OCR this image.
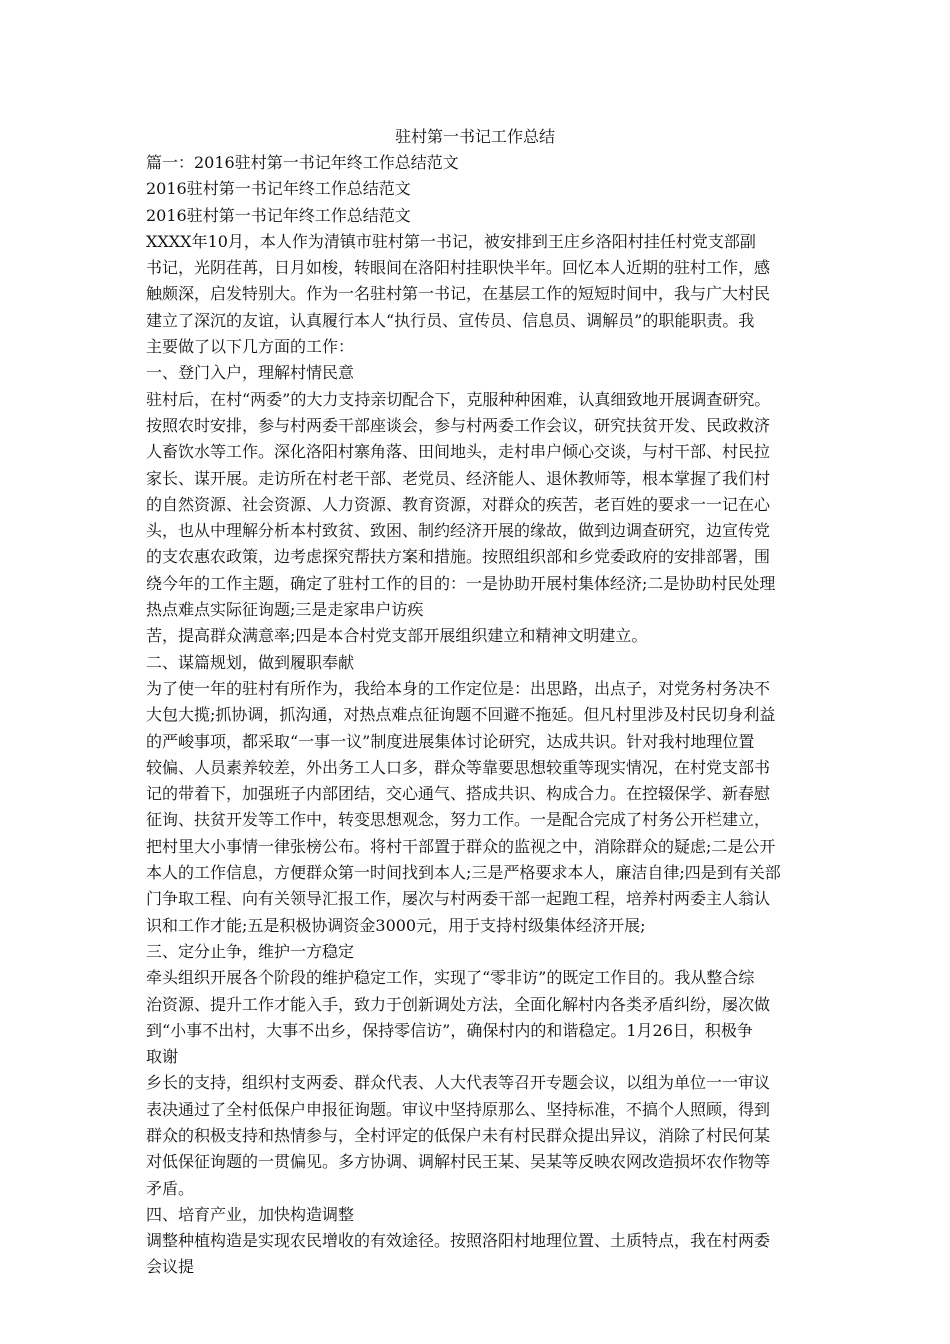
驻村第一书记工作总结
篇一：2016驻村第一书记年终工作总结范文
2016驻村第一书记年终工作总结范文
2016驻村第一书记年终工作总结范文
XXXX年10月，本人作为清镇市驻村第一书记，被安排到王庄乡洛阳村挂任村党支部副
书记，光阴荏苒，日月如梭，转眼间在洛阳村挂职快半年。回忆本人近期的驻村工作，感
触颇深，启发特别大。作为一名驻村第一书记，在基层工作的短短时间中，我与广大村民
建立了深沉的友谊，认真履行本人“执行员、宣传员、信息员、调解员”的职能职责。我
主要做了以下几方面的工作：
一、登门入户，理解村情民意
驻村后，在村“两委”的大力支持亲切配合下，克服种种困难，认真细致地开展调查研究。
按照农时安排，参与村两委干部座谈会，参与村两委工作会议，研究扶贫开发、民政救济
人畜饮水等工作。深化洛阳村寨角落、田间地头，走村串户倾心交谈，与村干部、村民拉
家长、谋开展。走访所在村老干部、老党员、经济能人、退休教师等，根本掌握了我们村
的自然资源、社会资源、人力资源、教育资源，对群众的疾苦，老百姓的要求一一记在心
头，也从中理解分析本村致贫、致困、制约经济开展的缘故，做到边调查研究，边宣传党
的支农惠农政策，边考虑探究帮扶方案和措施。按照组织部和乡党委政府的安排部署，围
绕今年的工作主题，确定了驻村工作的目的：一是协助开展村集体经济;二是协助村民处理
热点难点实际征询题;三是走家串户访疾
苦，提高群众满意率;四是本合村党支部开展组织建立和精神文明建立。
二、谋篇规划，做到履职奉献
为了使一年的驻村有所作为，我给本身的工作定位是：出思路，出点子，对党务村务决不
大包大揽;抓协调，抓沟通，对热点难点征询题不回避不拖延。但凡村里涉及村民切身利益
的严峻事项，都采取“一事一议”制度进展集体讨论研究，达成共识。针对我村地理位置
较偏、人员素养较差，外出务工人口多，群众等靠要思想较重等现实情况，在村党支部书
记的带着下，加强班子内部团结，交心通气、搭成共识、构成合力。在控辍保学、新春慰
征询、扶贫开发等工作中，转变思想观念，努力工作。一是配合完成了村务公开栏建立，
把村里大小事情一律张榜公布。将村干部置于群众的监视之中，消除群众的疑虑;二是公开
本人的工作信息，方便群众第一时间找到本人;三是严格要求本人，廉洁自律;四是到有关部
门争取工程、向有关领导汇报工作，屡次与村两委干部一起跑工程，培养村两委主人翁认
识和工作才能;五是积极协调资金3000元，用于支持村级集体经济开展;
三、定分止争，维护一方稳定
牵头组织开展各个阶段的维护稳定工作，实现了“零非访”的既定工作目的。我从整合综
治资源、提升工作才能入手，致力于创新调处方法，全面化解村内各类矛盾纠纷，屡次做
到“小事不出村，大事不出乡，保持零信访”，确保村内的和谐稳定。1月26日，积极争
取谢
乡长的支持，组织村支两委、群众代表、人大代表等召开专题会议，以组为单位一一审议
表决通过了全村低保户申报征询题。审议中坚持原那么、坚持标准，不搞个人照顾，得到
群众的积极支持和热情参与，全村评定的低保户未有村民群众提出异议，消除了村民何某
对低保征询题的一贯偏见。多方协调、调解村民王某、吴某等反映农网改造损坏农作物等
矛盾。
四、培育产业，加快构造调整
调整种植构造是实现农民增收的有效途径。按照洛阳村地理位置、土质特点，我在村两委
会议提
